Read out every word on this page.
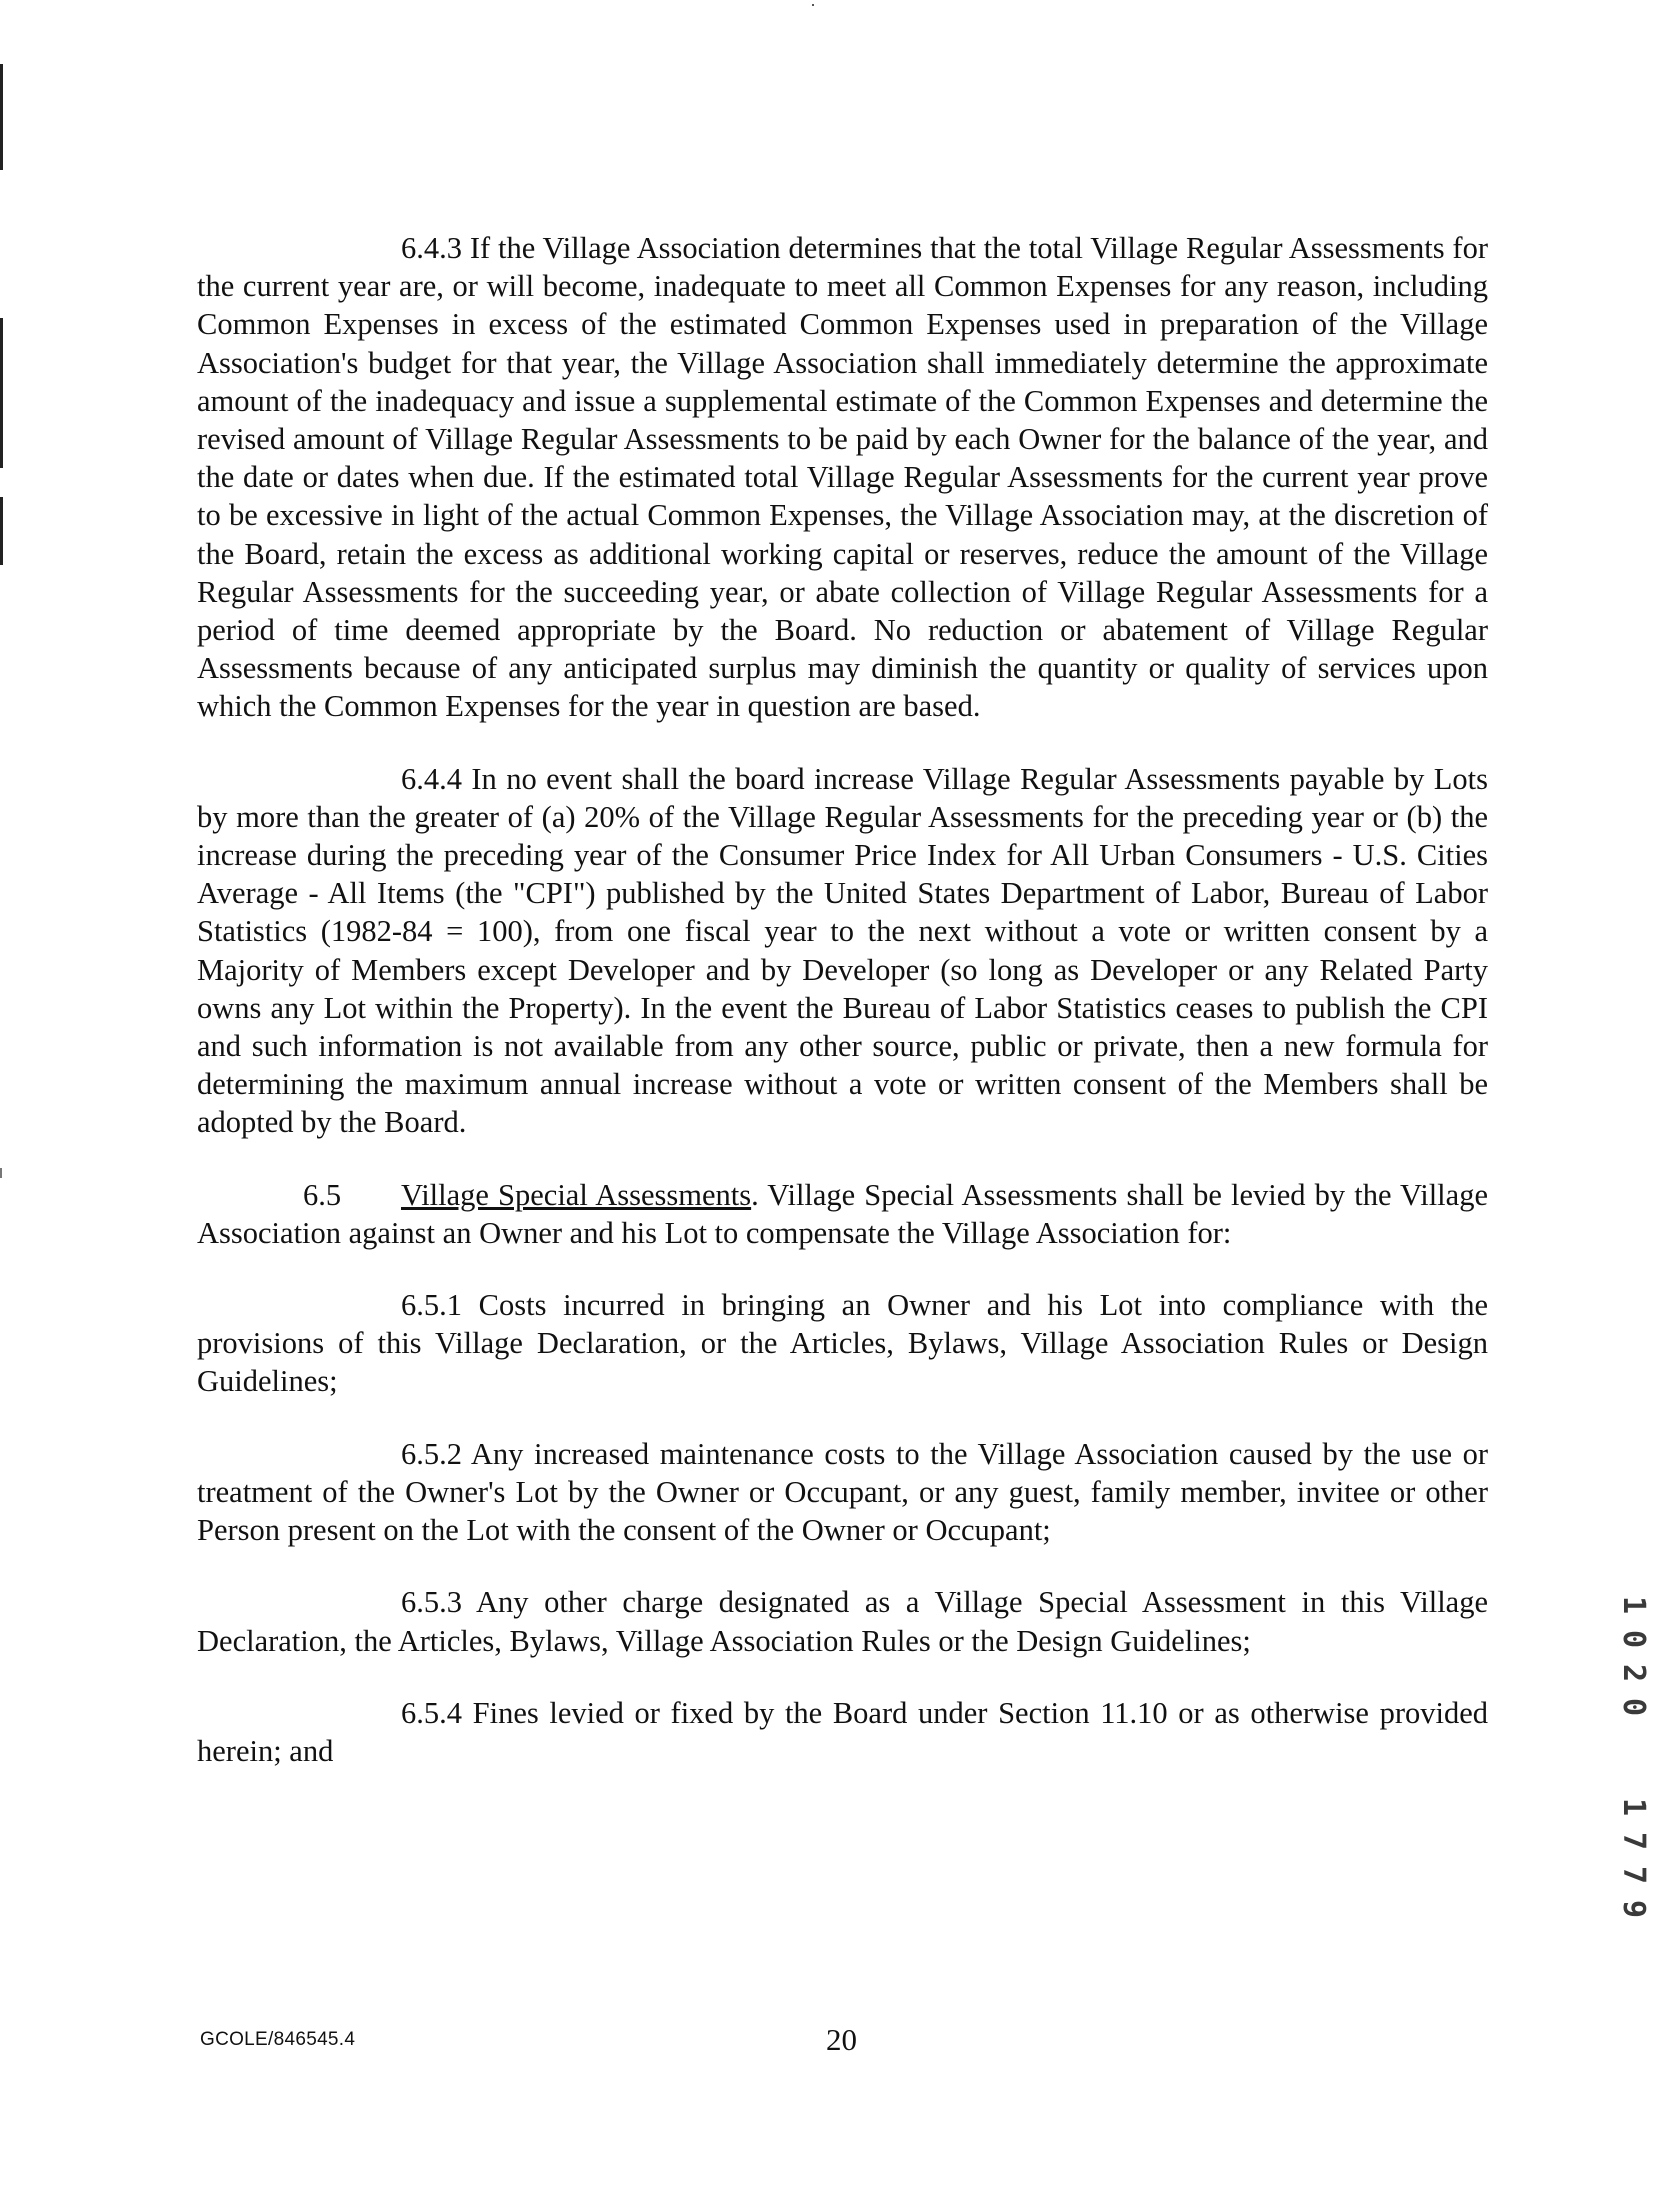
6.4.3 If the Village Association determines that the total Village Regular Assessments for the current year are, or will become, inadequate to meet all Common Expenses for any reason, including Common Expenses in excess of the estimated Common Expenses used in preparation of the Village Association's budget for that year, the Village Association shall immediately determine the approximate amount of the inadequacy and issue a supplemental estimate of the Common Expenses and determine the revised amount of Village Regular Assessments to be paid by each Owner for the balance of the year, and the date or dates when due. If the estimated total Village Regular Assessments for the current year prove to be excessive in light of the actual Common Expenses, the Village Association may, at the discretion of the Board, retain the excess as additional working capital or reserves, reduce the amount of the Village Regular Assessments for the succeeding year, or abate collection of Village Regular Assessments for a period of time deemed appropriate by the Board. No reduction or abatement of Village Regular Assessments because of any anticipated surplus may diminish the quantity or quality of services upon which the Common Expenses for the year in question are based.

6.4.4 In no event shall the board increase Village Regular Assessments payable by Lots by more than the greater of (a) 20% of the Village Regular Assessments for the preceding year or (b) the increase during the preceding year of the Consumer Price Index for All Urban Consumers - U.S. Cities Average - All Items (the "CPI") published by the United States Department of Labor, Bureau of Labor Statistics (1982-84 = 100), from one fiscal year to the next without a vote or written consent by a Majority of Members except Developer and by Developer (so long as Developer or any Related Party owns any Lot within the Property). In the event the Bureau of Labor Statistics ceases to publish the CPI and such information is not available from any other source, public or private, then a new formula for determining the maximum annual increase without a vote or written consent of the Members shall be adopted by the Board.

6.5 Village Special Assessments. Village Special Assessments shall be levied by the Village Association against an Owner and his Lot to compensate the Village Association for:

6.5.1 Costs incurred in bringing an Owner and his Lot into compliance with the provisions of this Village Declaration, or the Articles, Bylaws, Village Association Rules or Design Guidelines;

6.5.2 Any increased maintenance costs to the Village Association caused by the use or treatment of the Owner's Lot by the Owner or Occupant, or any guest, family member, invitee or other Person present on the Lot with the consent of the Owner or Occupant;

6.5.3 Any other charge designated as a Village Special Assessment in this Village Declaration, the Articles, Bylaws, Village Association Rules or the Design Guidelines;

6.5.4 Fines levied or fixed by the Board under Section 11.10 or as otherwise provided herein; and

1
0
2
0
1
7
7
9
GCOLE/846545.4	20
